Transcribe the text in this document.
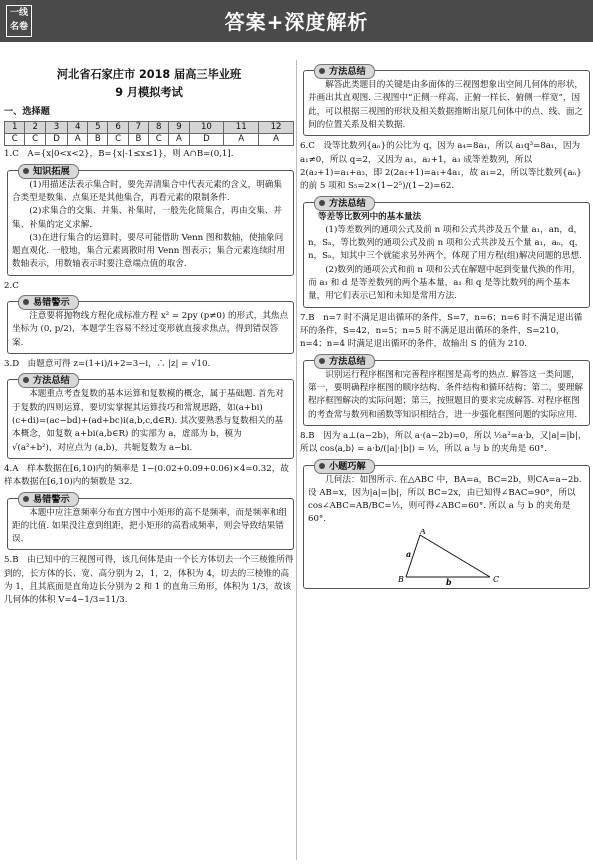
一线
名卷	答案+深度解析
河北省石家庄市 2018 届高三毕业班
9 月模拟考试
一、选择题
1	2	3	4	5	6	7	8	9	10	11	12
C	C	D	A	B	C	B	C	A	D	A	A

1.C　A={x|0<x<2}，B={x|-1≤x≤1}，则 A∩B=(0,1].

知识拓展

(1)用描述法表示集合时，要先弄清集合中代表元素的含义，明确集合类型是数集、点集还是其他集合，再看元素的限制条件.

(2)求集合的交集、并集、补集时，一般先化简集合，再由交集、并集、补集的定义求解.

(3)在进行集合的运算时，要尽可能借助 Venn 图和数轴，使抽象问题直观化. 一般地，集合元素离散时用 Venn 图表示；集合元素连续时用数轴表示，用数轴表示时要注意端点值的取舍.

2.C

易错警示

注意要将抛物线方程化成标准方程 x² = 2py (p≠0) 的形式，其焦点坐标为 (0, p/2)，本题学生容易不经过变形就直接求焦点，得到错误答案.

3.D　由题意可得 z=(1+i)/i+2=3−i，∴ |z| = √10.

方法总结

本题重点考查复数的基本运算和复数模的概念，属于基础题. 首先对于复数的四则运算，要切实掌握其运算技巧和常规思路，如(a+bi)(c+di)=(ac−bd)+(ad+bc)i(a,b,c,d∈R). 其次要熟悉与复数相关的基本概念，如复数 a+bi(a,b∈R) 的实部为 a，虚部为 b，模为 √(a²+b²)，对应点为 (a,b)，共轭复数为 a−bi.

4.A　样本数据在[6,10)内的频率是 1−(0.02+0.09+0.06)×4=0.32，故样本数据在[6,10)内的频数是 32.

易错警示

本题中应注意频率分布直方图中小矩形的高不是频率，而是频率和组距的比值. 如果没注意到组距，把小矩形的高看成频率，则会导致结果错误.

5.B　由已知中的三视图可得，该几何体是由一个长方体切去一个三棱锥所得到的，长方体的长、宽、高分别为 2，1，2，体积为 4，切去的三棱锥的高为 1，且其底面是直角边长分别为 2 和 1 的直角三角形，体积为 1/3，故该几何体的体积 V=4−1/3=11/3.

方法总结

解答此类题目的关键是由多面体的三视图想象出空间几何体的形状，并画出其直观图. 三视图中“正侧一样高、正俯一样长、俯侧一样宽”，因此，可以根据三视图的形状及相关数据推断出原几何体中的点、线、面之间的位置关系及相关数据.

6.C　设等比数列{aₙ}的公比为 q，因为 a₄=8a₁，所以 a₁q³=8a₁，因为 a₁≠0，所以 q=2，又因为 a₁，a₂+1，a₃ 成等差数列，所以 2(a₂+1)=a₁+a₃，即 2(2a₁+1)=a₁+4a₁，故 a₁=2，所以等比数列{aₙ}的前 5 项和 S₅=2×(1−2⁵)/(1−2)=62.

方法总结

等差等比数列中的基本量法

(1)等差数列的通项公式及前 n 项和公式共涉及五个量 a₁，an，d，n，Sₙ，等比数列的通项公式及前 n 项和公式共涉及五个量 a₁，aₙ，q，n，Sₙ，知其中三个就能求另外两个，体现了用方程(组)解决问题的思想.

(2)数列的通项公式和前 n 项和公式在解题中起到变量代换的作用，而 a₁ 和 d 是等差数列的两个基本量，a₁ 和 q 是等比数列的两个基本量，用它们表示已知和未知是常用方法.

7.B　n=7 时不满足退出循环的条件，S=7，n=6；n=6 时不满足退出循环的条件，S=42，n=5；n=5 时不满足退出循环的条件，S=210，n=4；n=4 时满足退出循环的条件，故输出 S 的值为 210.

方法总结

识别运行程序框图和完善程序框图是高考的热点. 解答这一类问题，第一，要明确程序框图的顺序结构、条件结构和循环结构；第二，要理解程序框图解决的实际问题；第三，按照题目的要求完成解答. 对程序框图的考查常与数列和函数等知识相结合，进一步强化框图问题的实际应用.

8.B　因为 a⊥(a−2b)，所以 a·(a−2b)=0，所以 ½a²=a·b，又|a|=|b|，所以 cos⟨a,b⟩ = a·b/(|a|·|b|) = ½，所以 a 与 b 的夹角是 60°.

小题巧解

几何法：如图所示. 在△ABC 中，BA=a，BC=2b，则CA=a−2b. 设 AB=x，因为|a|=|b|，所以 BC=2x，由已知得∠BAC=90°，所以 cos∠ABC=AB/BC=½，则可得∠ABC=60°. 所以 a 与 b 的夹角是 60°.

A
B	C
a
b
